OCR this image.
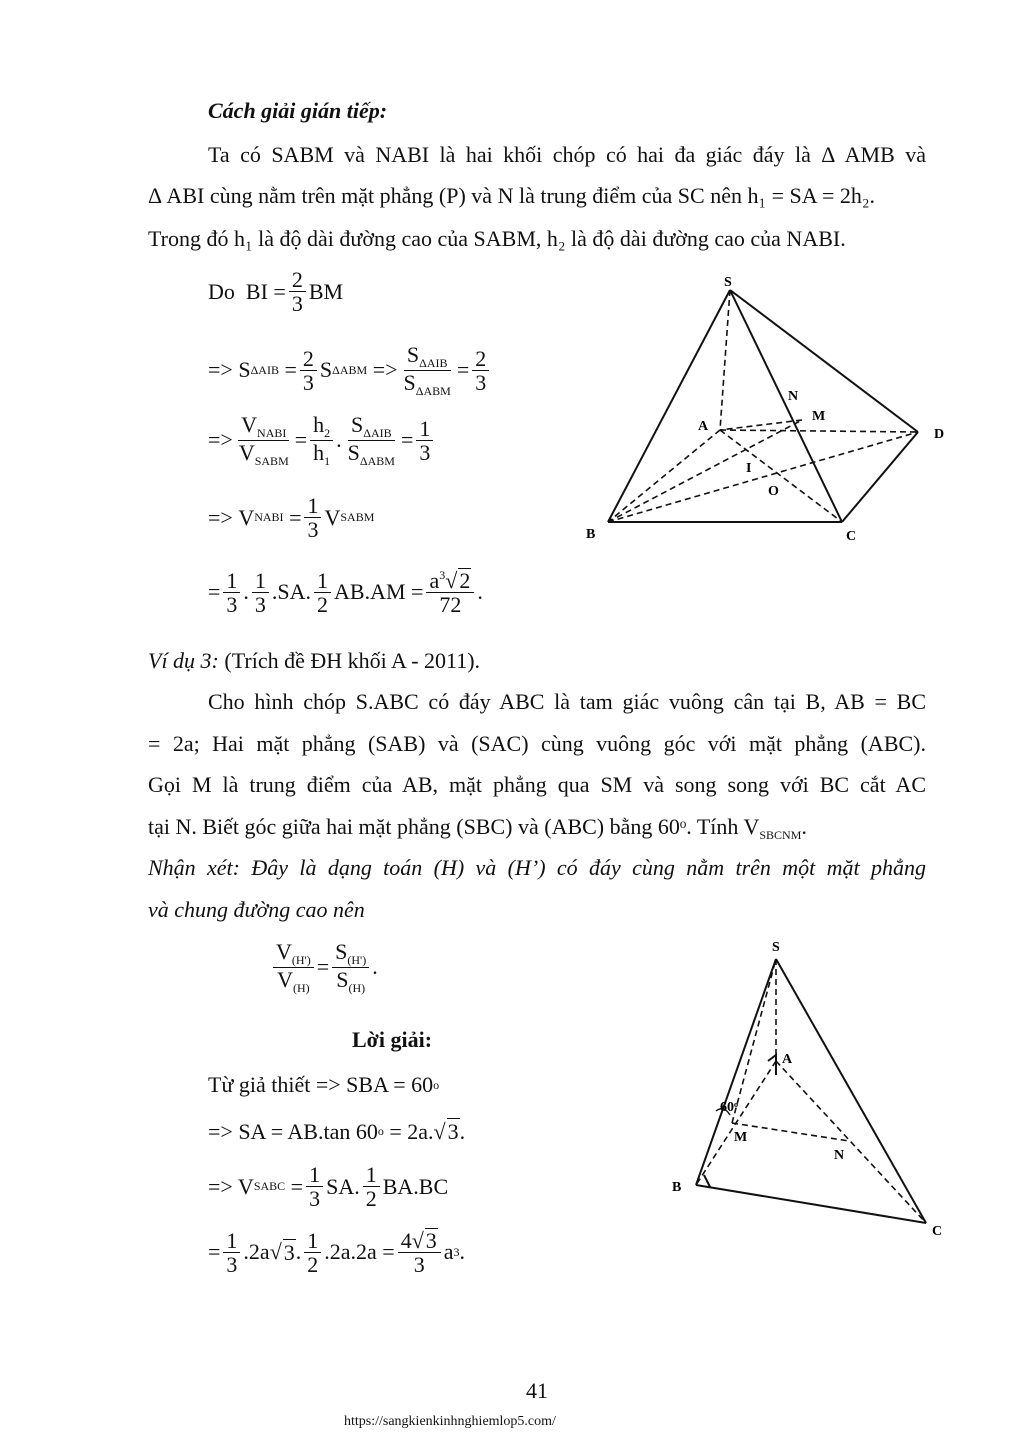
Cách giải gián tiếp:
Ta có SABM và NABI là hai khối chóp có hai đa giác đáy là Δ AMB và
Δ ABI cùng nằm trên mặt phẳng (P) và N là trung điểm của SC nên h₁ = SA = 2h₂.
Trong đó h₁ là độ dài đường cao của SABM, h₂ là độ dài đường cao của NABI.
Do
BI = $\frac{2}{3}$ BM
=>
S $\Delta AIB = \frac{2}{3}$ S ΔABM
=> $\frac{S_{\Delta AIB}}{S_{\Delta ABM}} = \frac{2}{3}$
=> $\frac{V_{NABI}}{V_{SABM}} = \frac{h_2}{h_1}$ . $\frac{S_{\Delta AIB}}{S_{\Delta ABM}} = \frac{1}{3}$
=>
V NABI = $\frac{1}{3}$ V SABM
= $\frac{1}{3}$ . $\frac{1}{3} .SA$. $\frac{1}{2} AB.AM = \frac{a^3√2}{72}$ .
S
A
B	C
D
M
N
I
O
Ví dụ 3: (Trích đề ĐH khối A - 2011).
Cho hình chóp S.ABC có đáy ABC là tam giác vuông cân tại B, AB = BC
= 2a; Hai mặt phẳng (SAB) và (SAC) cùng vuông góc với mặt phẳng (ABC).
Gọi M là trung điểm của AB, mặt phẳng qua SM và song song với BC cắt AC
tại N. Biết góc giữa hai mặt phẳng (SBC) và (ABC) bằng 60ᵒ. Tính $V_{SBCNM}$.
Nhận xét: Đây là dạng toán (H) và (H’) có đáy cùng nằm trên một mặt phẳng
và chung đường cao nên
$\frac{V_{(H')}}{V_{(H)}} = \frac{S_{(H')}}{S_{(H)}}$ .
Lời giải:
Từ giả thiết =>
SBA = 60 o
=> SA = AB.tan 60 o
= 2a. √ 3 .
=> V SABC = $\frac{1}{3}$ SA. $\frac{1}{2} BA.BC$
= $\frac{1}{3} .2a$ √ 3 . $\frac{1}{2} .2a.2a = \frac{4√3}{3}$ a 3 .
S
A
B
C
M
N
60ᵒ
41
https://sangkienkinhnghiemlop5.com/
